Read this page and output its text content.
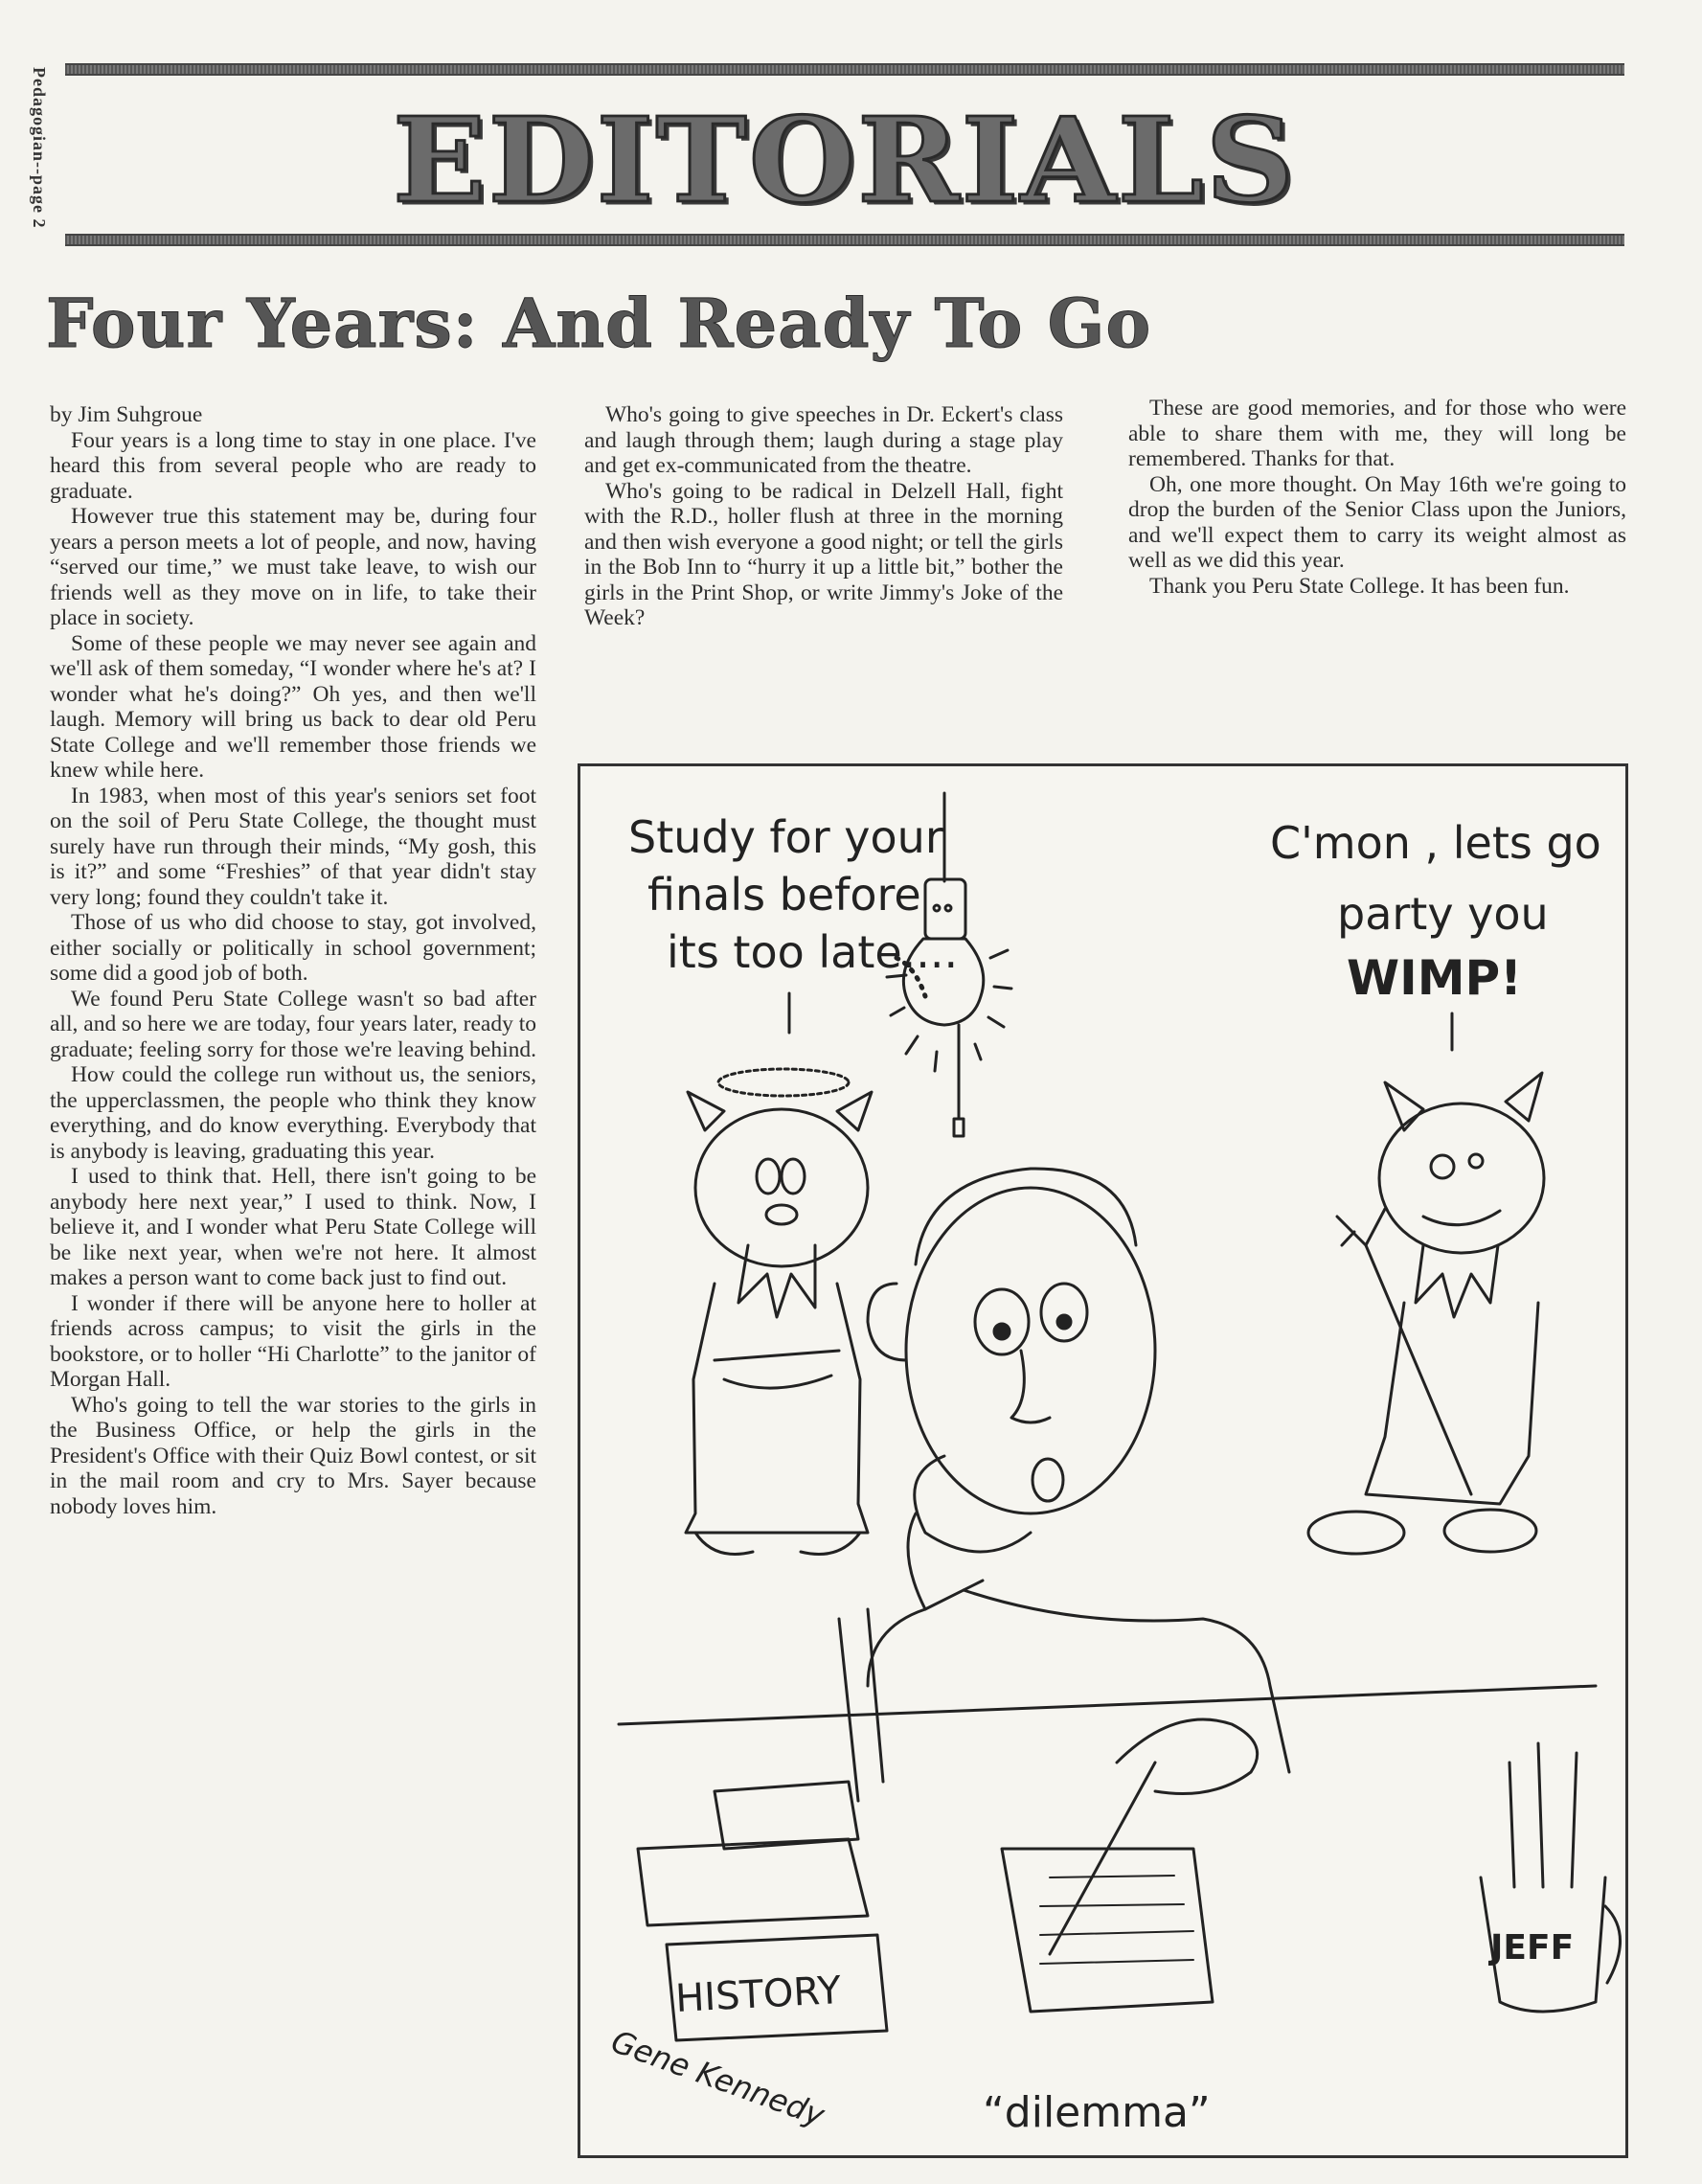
Pedagogian--page 2	EDITORIALS
Four Years: And Ready To Go

by Jim Suhgroue

Four years is a long time to stay in one place. I've heard this from several people who are ready to graduate.

However true this statement may be, during four years a person meets a lot of people, and now, having “served our time,” we must take leave, to wish our friends well as they move on in life, to take their place in society.

Some of these people we may never see again and we'll ask of them someday, “I wonder where he's at? I wonder what he's doing?” Oh yes, and then we'll laugh. Memory will bring us back to dear old Peru State College and we'll remember those friends we knew while here.

In 1983, when most of this year's seniors set foot on the soil of Peru State College, the thought must surely have run through their minds, “My gosh, this is it?” and some “Freshies” of that year didn't stay very long; found they couldn't take it.

Those of us who did choose to stay, got involved, either socially or politically in school government; some did a good job of both.

We found Peru State College wasn't so bad after all, and so here we are today, four years later, ready to graduate; feeling sorry for those we're leaving behind.

How could the college run without us, the seniors, the upperclassmen, the people who think they know everything, and do know everything. Everybody that is anybody is leaving, graduating this year.

I used to think that. Hell, there isn't going to be anybody here next year,” I used to think. Now, I believe it, and I wonder what Peru State College will be like next year, when we're not here. It almost makes a person want to come back just to find out.

I wonder if there will be anyone here to holler at friends across campus; to visit the girls in the bookstore, or to holler “Hi Charlotte” to the janitor of Morgan Hall.

Who's going to tell the war stories to the girls in the Business Office, or help the girls in the President's Office with their Quiz Bowl contest, or sit in the mail room and cry to Mrs. Sayer because nobody loves him.

Who's going to give speeches in Dr. Eckert's class and laugh through them; laugh during a stage play and get ex-communicated from the theatre.

Who's going to be radical in Delzell Hall, fight with the R.D., holler flush at three in the morning and then wish everyone a good night; or tell the girls in the Bob Inn to “hurry it up a little bit,” bother the girls in the Print Shop, or write Jimmy's Joke of the Week?

These are good memories, and for those who were able to share them with me, they will long be remembered. Thanks for that.

Oh, one more thought. On May 16th we're going to drop the burden of the Senior Class upon the Juniors, and we'll expect them to carry its weight almost as well as we did this year.

Thank you Peru State College. It has been fun.

Study for your
finals before
its too late....
C'mon , lets go
party you
WIMP!
HISTORY
JEFF
Gene Kennedy	“dilemma”
